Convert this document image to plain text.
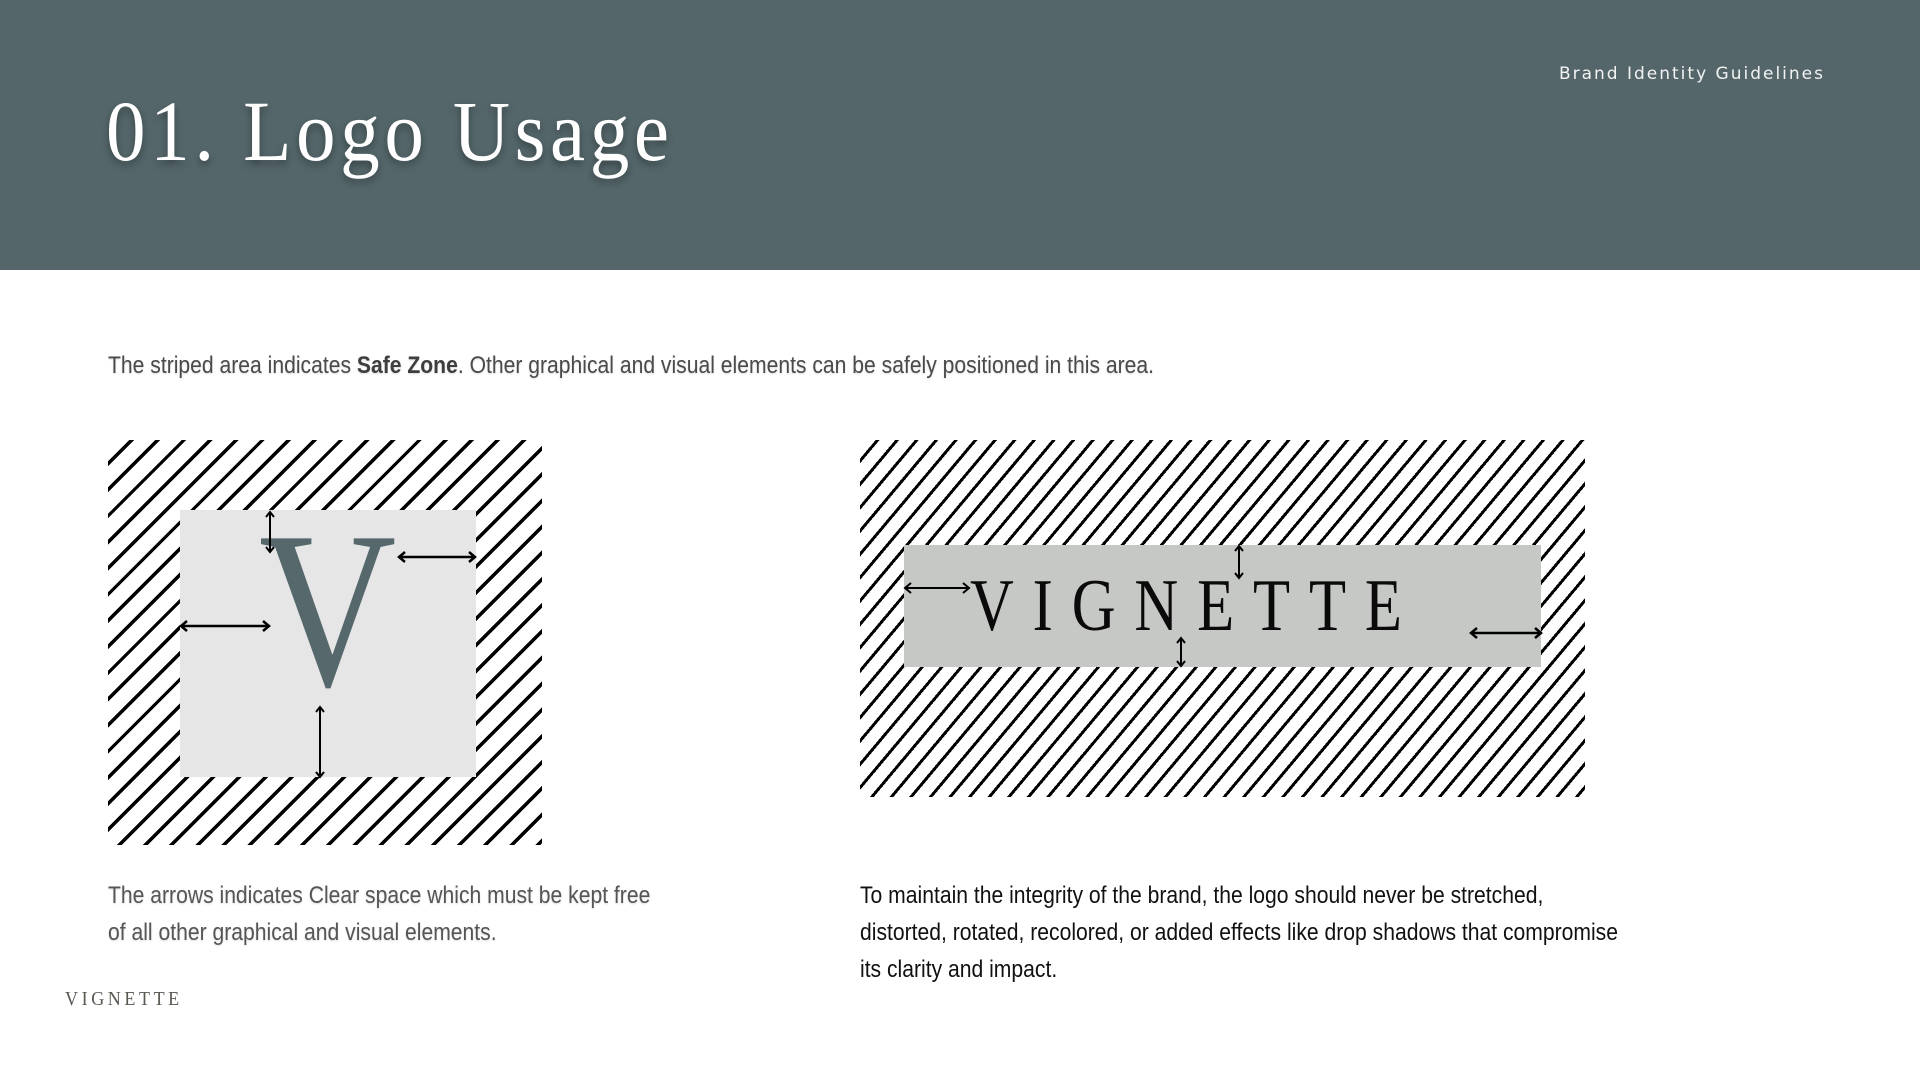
Brand Identity Guidelines
01. Logo Usage

The striped area indicates Safe Zone. Other graphical and visual elements can be safely positioned in this area.

V	VIGNETTE
The arrows indicates Clear space which must be kept free
of all other graphical and visual elements.
To maintain the integrity of the brand, the logo should never be stretched,
distorted, rotated, recolored, or added effects like drop shadows that compromise
its clarity and impact.
VIGNETTE
